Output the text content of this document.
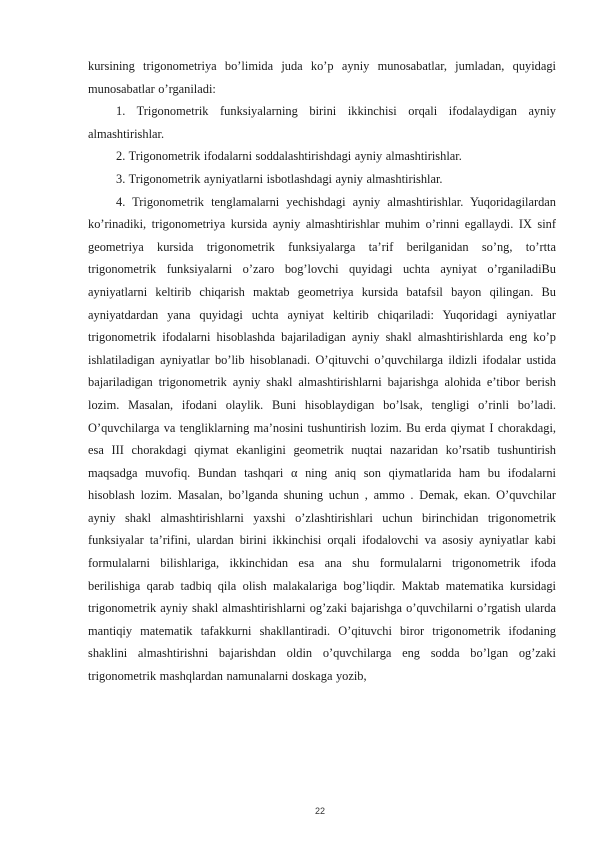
kursining trigonometriya bo’limida juda ko’p ayniy munosabatlar, jumladan, quyidagi munosabatlar o’rganiladi:

1. Trigonometrik funksiyalarning birini ikkinchisi orqali ifodalaydigan ayniy almashtirishlar.

2. Trigonometrik ifodalarni soddalashtirishdagi ayniy almashtirishlar.

3. Trigonometrik ayniyatlarni isbotlashdagi ayniy almashtirishlar.

4. Trigonometrik tenglamalarni yechishdagi ayniy almashtirishlar. Yuqoridagilardan ko’rinadiki, trigonometriya kursida ayniy almashtirishlar muhim o’rinni egallaydi. IX sinf geometriya kursida trigonometrik funksiyalarga ta’rif berilganidan so’ng, to’rtta trigonometrik funksiyalarni o’zaro bog’lovchi quyidagi uchta ayniyat o’rganiladiBu ayniyatlarni keltirib chiqarish maktab geometriya kursida batafsil bayon qilingan. Bu ayniyatdardan yana quyidagi uchta ayniyat keltirib chiqariladi: Yuqoridagi ayniyatlar trigonometrik ifodalarni hisoblashda bajariladigan ayniy shakl almashtirishlarda eng ko’p ishlatiladigan ayniyatlar bo’lib hisoblanadi. O’qituvchi o’quvchilarga ildizli ifodalar ustida bajariladigan trigonometrik ayniy shakl almashtirishlarni bajarishga alohida e’tibor berish lozim. Masalan, ifodani olaylik. Buni hisoblaydigan bo’lsak, tengligi o’rinli bo’ladi. O’quvchilarga va tengliklarning ma’nosini tushuntirish lozim. Bu erda qiymat I chorakdagi, esa III chorakdagi qiymat ekanligini geometrik nuqtai nazaridan ko’rsatib tushuntirish maqsadga muvofiq. Bundan tashqari α ning aniq son qiymatlarida ham bu ifodalarni hisoblash lozim. Masalan, bo’lganda shuning uchun , ammo . Demak, ekan. O’quvchilar ayniy shakl almashtirishlarni yaxshi o’zlashtirishlari uchun birinchidan trigonometrik funksiyalar ta’rifini, ulardan birini ikkinchisi orqali ifodalovchi va asosiy ayniyatlar kabi formulalarni bilishlariga, ikkinchidan esa ana shu formulalarni trigonometrik ifoda berilishiga qarab tadbiq qila olish malakalariga bog’liqdir. Maktab matematika kursidagi trigonometrik ayniy shakl almashtirishlarni og’zaki bajarishga o’quvchilarni o’rgatish ularda mantiqiy matematik tafakkurni shakllantiradi. O’qituvchi biror trigonometrik ifodaning shaklini almashtirishni bajarishdan oldin o’quvchilarga eng sodda bo’lgan og’zaki trigonometrik mashqlardan namunalarni doskaga yozib,

22
